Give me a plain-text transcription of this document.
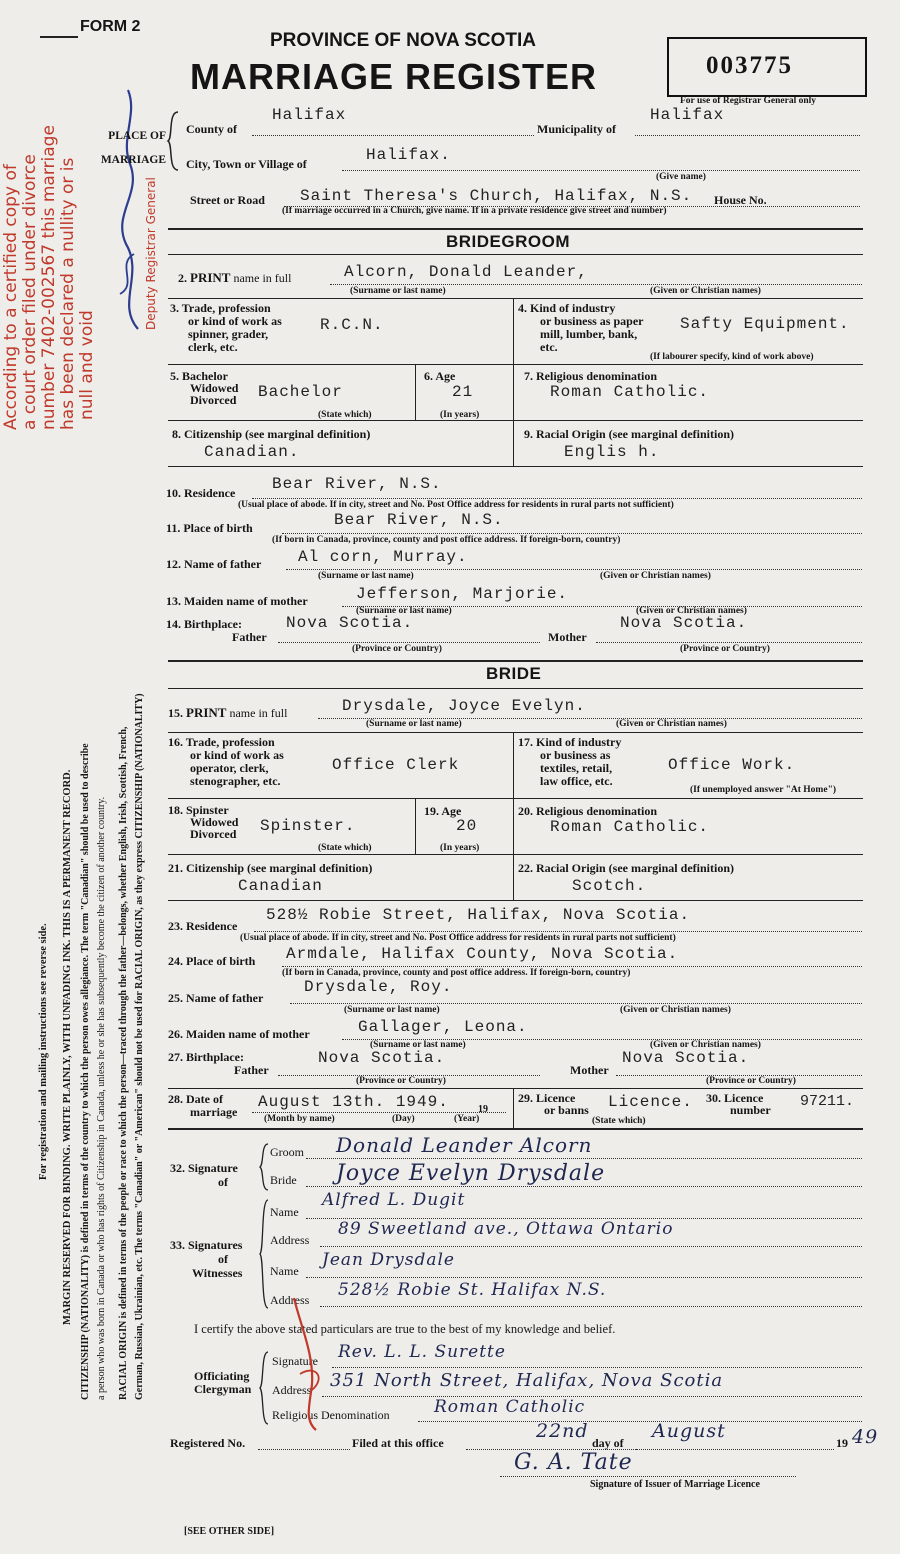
FORM 2
PROVINCE OF NOVA SCOTIA
MARRIAGE REGISTER	003775
For use of Registrar General only
For registration and mailing instructions see reverse side. MARGIN RESERVED FOR BINDING. WRITE PLAINLY, WITH UNFADING INK. THIS IS A PERMANENT RECORD. CITIZENSHIP (NATIONALITY) is defined in terms of the country to which the person owes allegiance. The term "Canadian" should be used to describe a person who was born in Canada or who has rights of Citizenship in Canada, unless he or she has subsequently become the citizen of another country. RACIAL ORIGIN is defined in terms of the people or race to which the person—traced through the father—belongs, whether English, Irish, Scottish, French, German, Russian, Ukrainian, etc. The terms "Canadian" or "American" should not be used for RACIAL ORIGIN, as they express CITIZENSHIP (NATIONALITY)
According to a certified copy of a court order filed under divorce number 7402-002567 this marriage has been declared a nullity or is null and void
Deputy Registrar General
PLACE OF MARRIAGE
County of
Halifax
Municipality of
Halifax
City, Town or Village of	Halifax.
(Give name)
Street or Road Saint Theresa's Church, Halifax, N.S. House No.
(If marriage occurred in a Church, give name. If in a private residence give street and number)
BRIDEGROOM
2. PRINT name in full	Alcorn, Donald Leander,
(Surname or last name)	(Given or Christian names)
3. Trade, profession
or kind of work as
spinner, grader,
clerk, etc.
R.C.N.
4. Kind of industry
or business as paper
mill, lumber, bank,
etc.
Safty Equipment.
(If labourer specify, kind of work above)
5. Bachelor
Widowed
Divorced Bachelor
(State which)
6. Age
21
(In years)
7. Religious denomination
Roman Catholic.
8. Citizenship (see marginal definition)
Canadian.
9. Racial Origin (see marginal definition)
Englis h.
10. Residence Bear River, N.S.
(Usual place of abode. If in city, street and No. Post Office address for residents in rural parts not sufficient)
11. Place of birth	Bear River, N.S.
(If born in Canada, province, county and post office address. If foreign-born, country)
12. Name of father Al corn, Murray.
(Surname or last name)	(Given or Christian names)
13. Maiden name of mother	Jefferson, Marjorie.
(Surname or last name)	(Given or Christian names)
14. Birthplace:
Father
Nova Scotia.
Mother
Nova Scotia.
(Province or Country)	(Province or Country)
BRIDE
15. PRINT name in full	Drysdale, Joyce Evelyn.
(Surname or last name)	(Given or Christian names)
16. Trade, profession
or kind of work as
operator, clerk,
stenographer, etc.
Office Clerk
17. Kind of industry
or business as
textiles, retail,
law office, etc.
Office Work.
(If unemployed answer "At Home")
18. Spinster
Widowed
Divorced Spinster.
(State which)
19. Age
20
(In years)
20. Religious denomination
Roman Catholic.
21. Citizenship (see marginal definition)
Canadian
22. Racial Origin (see marginal definition)
Scotch.
23. Residence
528½ Robie Street, Halifax, Nova Scotia.
(Usual place of abode. If in city, street and No. Post Office address for residents in rural parts not sufficient)
24. Place of birth Armdale, Halifax County, Nova Scotia.
(If born in Canada, province, county and post office address. If foreign-born, country)
25. Name of father
Drysdale, Roy.
(Surname or last name)	(Given or Christian names)
26. Maiden name of mother	Gallager, Leona.
(Surname or last name)	(Given or Christian names)
27. Birthplace:
Father
Nova Scotia.
Mother
Nova Scotia.
(Province or Country)	(Province or Country)
28. Date of
marriage
August 13th. 1949.	19
(Month by name)	(Day)	(Year)
29. Licence
or banns Licence.
(State which)
30. Licence
number 97211.
32. Signature
of
Groom Donald Leander Alcorn
Bride Joyce Evelyn Drysdale
33. Signatures
of
Witnesses
Name
Alfred L. Dugit
Address
89 Sweetland ave., Ottawa Ontario
Name
Jean Drysdale
Address 528½ Robie St. Halifax N.S.
I certify the above stated particulars are true to the best of my knowledge and belief.
Officiating
Clergyman
Signature Rev. L. L. Surette
Address 351 North Street, Halifax, Nova Scotia
Religious Denomination	Roman Catholic
Registered No.	Filed at this office
22nd
day of
August
19 49
G. A. Tate
Signature of Issuer of Marriage Licence
[SEE OTHER SIDE]
